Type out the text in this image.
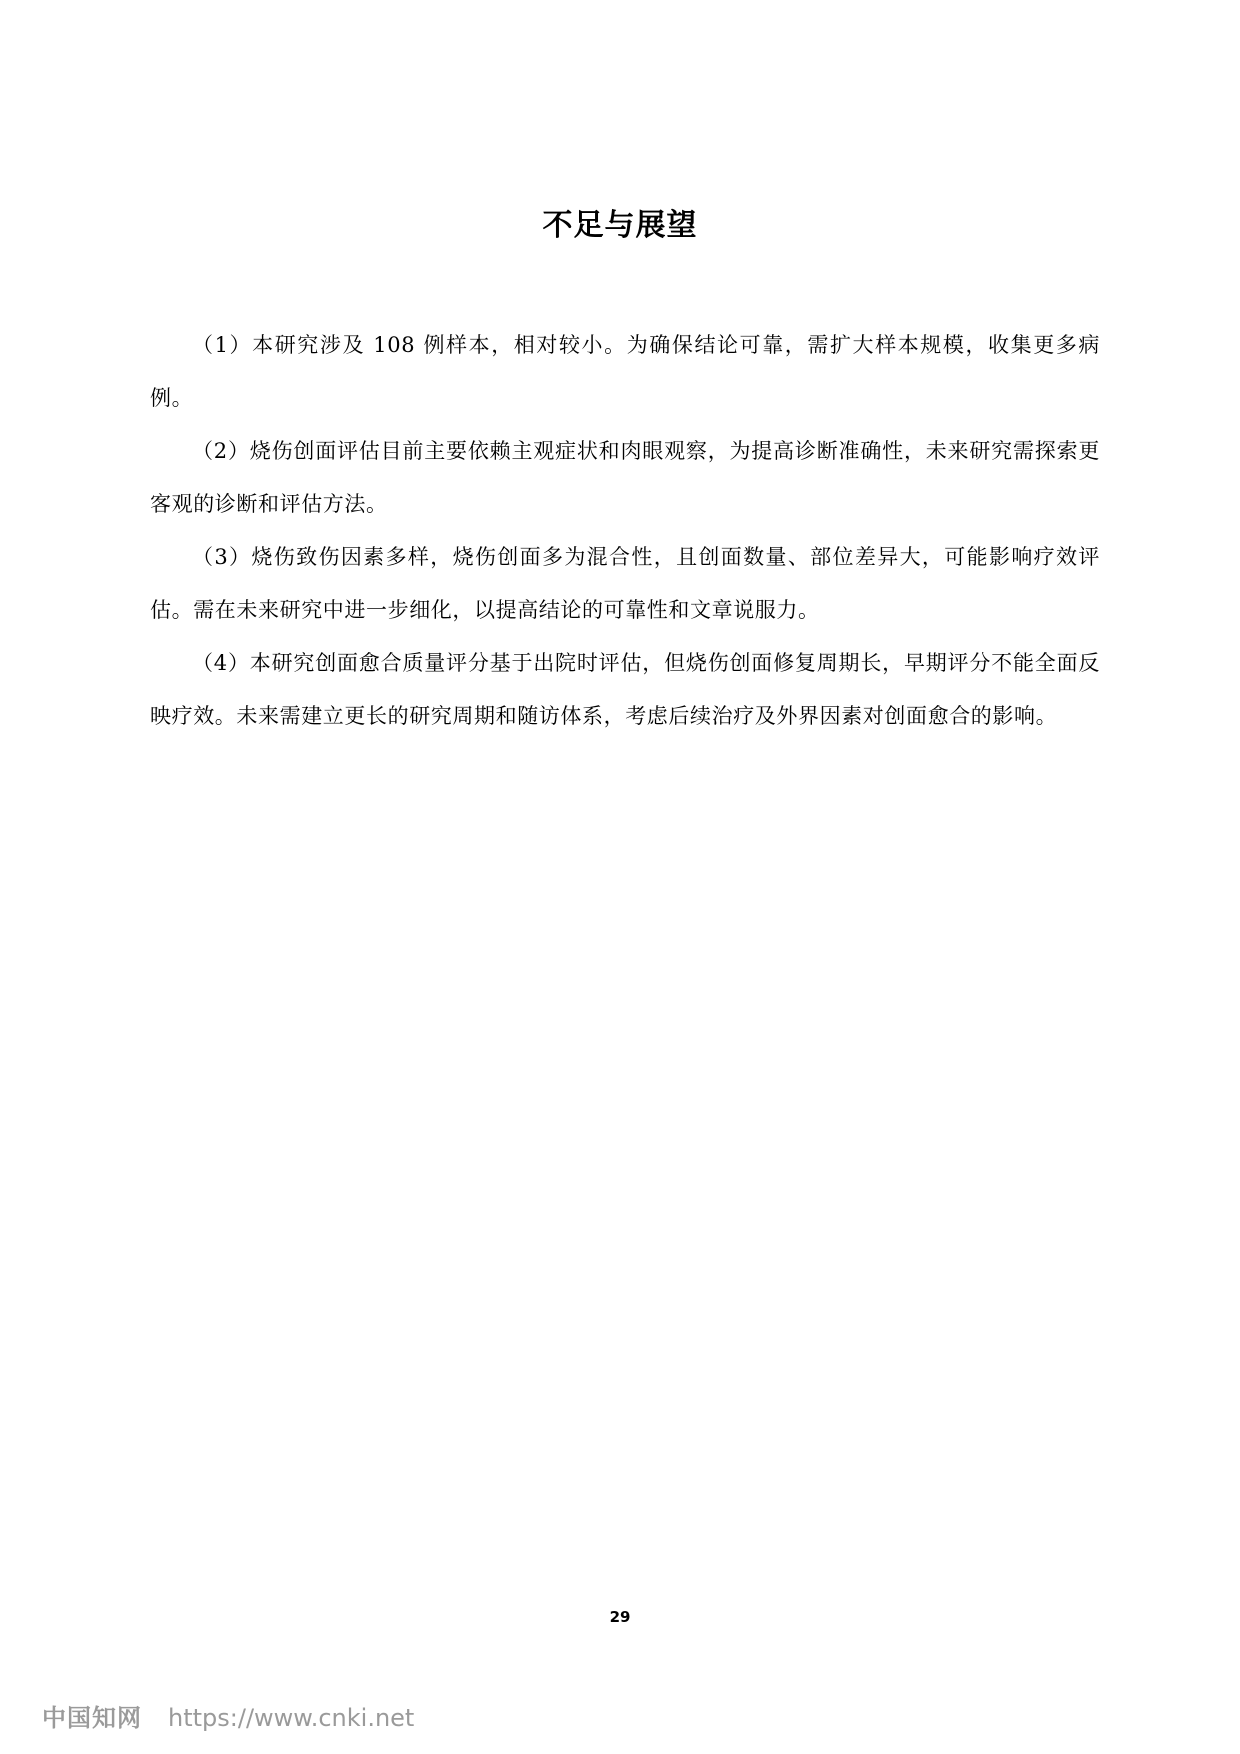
不足与展望

（1）本研究涉及 108 例样本，相对较小。为确保结论可靠，需扩大样本规模，收集更多病例。

（2）烧伤创面评估目前主要依赖主观症状和肉眼观察，为提高诊断准确性，未来研究需探索更客观的诊断和评估方法。

（3）烧伤致伤因素多样，烧伤创面多为混合性，且创面数量、部位差异大，可能影响疗效评估。需在未来研究中进一步细化，以提高结论的可靠性和文章说服力。

（4）本研究创面愈合质量评分基于出院时评估，但烧伤创面修复周期长，早期评分不能全面反映疗效。未来需建立更长的研究周期和随访体系，考虑后续治疗及外界因素对创面愈合的影响。

29
中国知网 https://www.cnki.net
